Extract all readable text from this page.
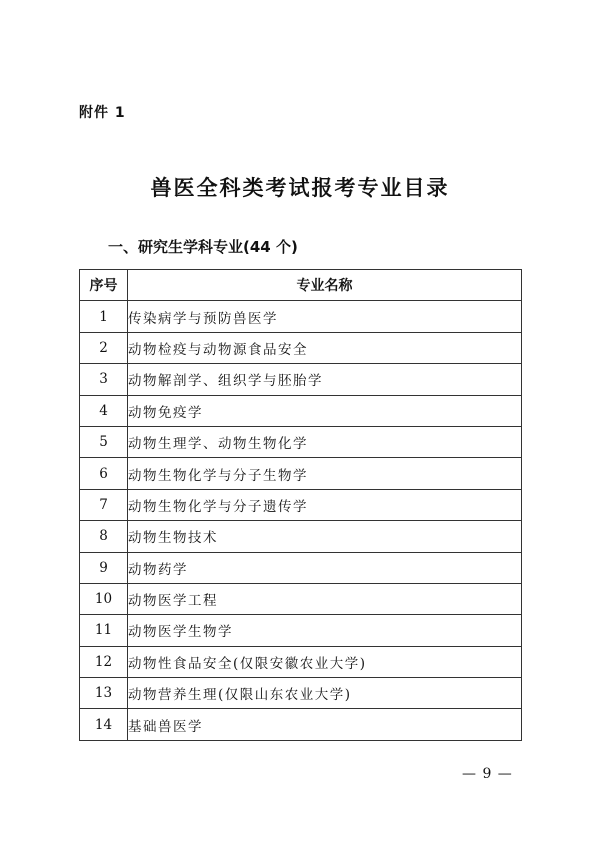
附件 1
兽医全科类考试报考专业目录
一、研究生学科专业(44 个)
序号	专业名称
1	传染病学与预防兽医学
2	动物检疫与动物源食品安全
3	动物解剖学、组织学与胚胎学
4	动物免疫学
5	动物生理学、动物生物化学
6	动物生物化学与分子生物学
7	动物生物化学与分子遗传学
8	动物生物技术
9	动物药学
10	动物医学工程
11	动物医学生物学
12	动物性食品安全(仅限安徽农业大学)
13	动物营养生理(仅限山东农业大学)
14	基础兽医学
— 9 —
